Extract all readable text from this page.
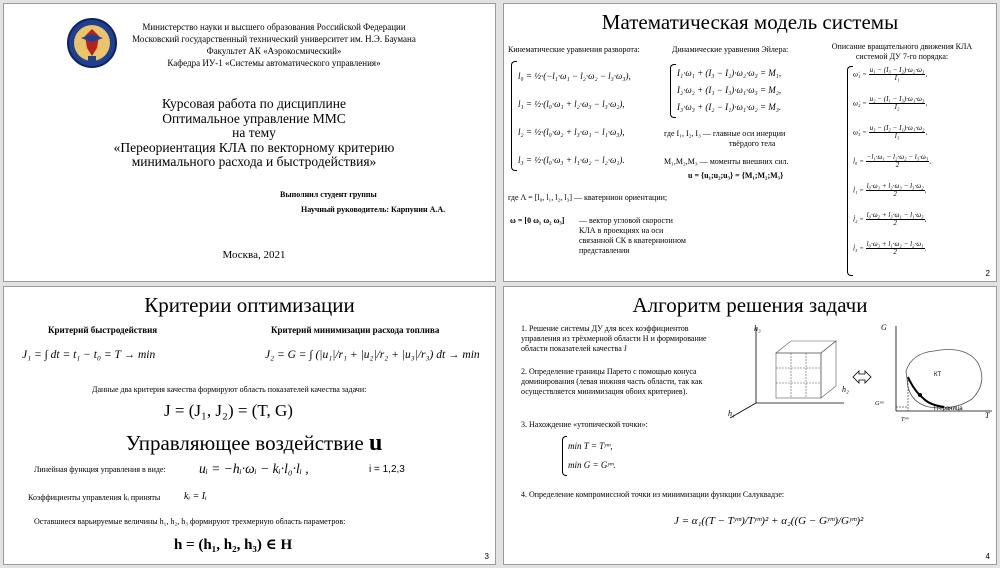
Министерство науки и высшего образования Российской Федерации
Московский государственный технический университет им. Н.Э. Баумана
Факультет АК «Аэрокосмический»
Кафедра ИУ-1 «Системы автоматического управления»
Курсовая работа по дисциплине
Оптимальное управление ММС
на тему
«Переориентация КЛА по векторному критерию
минимального расхода и быстродействия»
Выполнил студент группы
Научный руководитель: Карпунин А.А.
Москва, 2021
Математическая модель системы
Кинематические уравнения разворота:
l₀ = ½·(−l₁·ω₁ − l₂·ω₂ − l₃·ω₃),
l₁ = ½·(l₀·ω₁ + l₂·ω₃ − l₃·ω₂),
l₂ = ½·(l₀·ω₂ + l₃·ω₁ − l₁·ω₃),
l₃ = ½·(l₀·ω₃ + l₁·ω₂ − l₂·ω₁).
Динамические уравнения Эйлера:
I₁·ω₁ + (I₃ − I₂)·ω₂·ω₃ = M₁,
I₂·ω₂ + (I₁ − I₃)·ω₁·ω₃ = M₂,
I₃·ω₃ + (I₂ − I₁)·ω₁·ω₂ = M₃.
где I₁, I₂, I₃ — главные оси инерции
твёрдого тела
M₁,M₂,M₃ — моменты внешних сил.
u = {u₁;u₂;u₃} = {M₁;M₂;M₃}
где Λ = [l₀, l₁, l₂, l₃] — кватернион ориентации;
ω = [0 ω₁ ω₂ ω₃] — вектор угловой скорости
КЛА в проекциях на оси
связанной СК в кватернионном
представлении
Описание вращательного движения КЛА
системой ДУ 7-го порядка:
ω̇₁ = $\frac{\text{u₁ − (I₃ − I₂)·ω₂·ω₃}}{\text{I₁}}$ ,
ω̇₂ = $\frac{\text{u₂ − (I₁ − I₃)·ω₁·ω₃}}{\text{I₂}}$ ,
ω̇₃ = $\frac{\text{u₃ − (I₂ − I₁)·ω₁·ω₂}}{\text{I₃}}$ ,
l̇₀ = $\frac{\text{−l₁·ω₁ − l₂·ω₂ − l₃·ω₃}}{2}$ ,
l̇₁ = $\frac{\text{l₀·ω₁ + l₂·ω₃ − l₃·ω₂}}{2}$ ,
l̇₂ = $\frac{\text{l₀·ω₂ + l₃·ω₁ − l₁·ω₃}}{2}$ ,
l̇₃ = $\frac{\text{l₀·ω₃ + l₁·ω₂ − l₂·ω₁}}{2}$ .
2
Критерии оптимизации
Критерий быстродействия	Критерий минимизации расхода топлива
J₁ = ∫ dt = t₁ − t₀ = T → min	J₂ = G = ∫ (|u₁|/r₁ + |u₂|/r₂ + |u₃|/r₃) dt → min
Данные два критерия качества формируют область показателей качества задачи:
J = (J₁, J₂) = (T, G)
Управляющее воздействие u
Линейная функция управления в виде: uᵢ = −hᵢ·ωᵢ − kᵢ·l₀·lᵢ ,	i = 1,2,3
Коэффициенты управления kᵢ приняты kᵢ = Iᵢ
Оставшиеся варьируемые величины h₁, h₂, h₃ формируют трехмерную область параметров:
h = (h₁, h₂, h₃) ∈ H
3
Алгоритм решения задачи
1. Решение системы ДУ для всех коэффициентов управления из трёхмерной области H и формирование области показателей качества J
2. Определение границы Парето с помощью конуса доминирования (левая нижняя часть области, так как осуществляется минимизация обоих критериев).
3. Нахождение «утопической точки»:
min T = Tʸᵐ,
min G = Gʸᵐ.
4. Определение компромиссной точки из минимизации функции Салуквадзе:
J = α₁((T − Tʸᵐ)/Tʸᵐ)² + α₂((G − Gʸᵐ)/Gʸᵐ)²
h₃
h₂
h₁
G
T
КТ
Gʸᵐ
Tʸᵐ
П-граница
4
